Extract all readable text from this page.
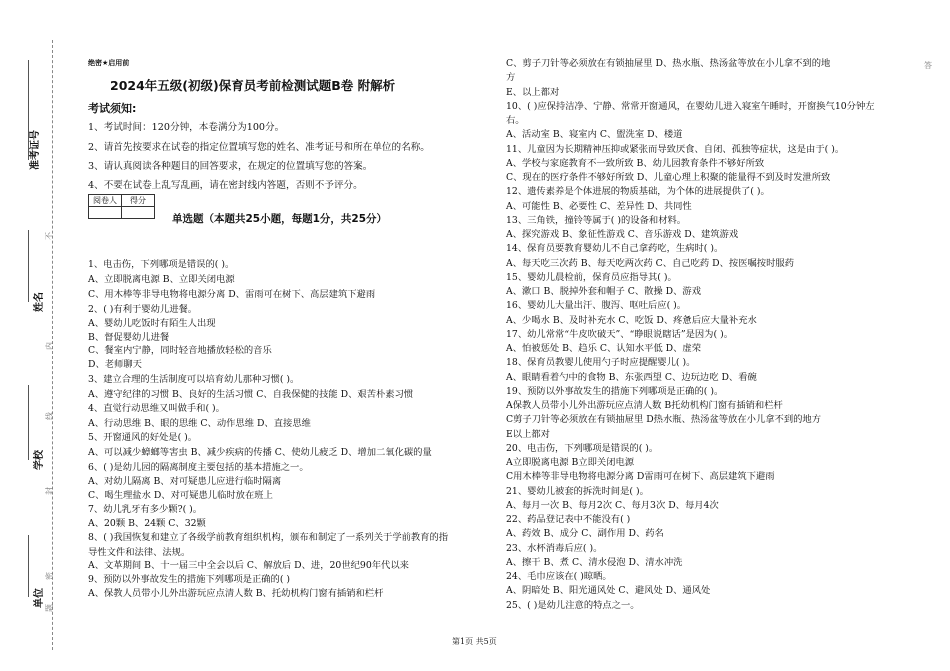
准考证号
姓名
学校
单位
不
内
线
封
密
题
答
绝密★启用前
2024年五级(初级)保育员考前检测试题B卷 附解析
考试须知:
1、考试时间：120分钟，本卷满分为100分。
2、请首先按要求在试卷的指定位置填写您的姓名、准考证号和所在单位的名称。
3、请认真阅读各种题目的回答要求，在规定的位置填写您的答案。
4、不要在试卷上乱写乱画，请在密封线内答题，否则不予评分。
阅卷人	得分

单选题（本题共25小题，每题1分，共25分）
1、电击伤，下列哪项是错误的( )。
A、立即脱离电源 B、立即关闭电源
C、用木棒等非导电物将电源分离 D、雷雨可在树下、高层建筑下避雨
2、( )有利于婴幼儿进餐。
A、婴幼儿吃饭时有陌生人出现
B、督促婴幼儿进餐
C、餐室内宁静，同时轻音地播放轻松的音乐
D、老师聊天
3、建立合理的生活制度可以培育幼儿那种习惯( )。
A、遵守纪律的习惯 B、良好的生活习惯 C、自我保健的技能 D、艰苦朴素习惯
4、直觉行动思维又叫做手和( )。
A、行动思维 B、眼的思维 C、动作思维 D、直接思维
5、开窗通风的好处是( )。
A、可以减少蟑螂等害虫 B、减少疾病的传播 C、使幼儿疲乏 D、增加二氧化碳的量
6、( )是幼儿园的隔离制度主要包括的基本措施之一。
A、对幼儿隔离 B、对可疑患儿应进行临时隔离
C、喝生理盐水 D、对可疑患儿临时放在班上
7、幼儿乳牙有多少颗?( )。
A、20颗 B、24颗 C、32颗
8、( )我国恢复和建立了各级学前教育组织机构，颁布和制定了一系列关于学前教育的指
导性文件和法律、法规。
A、文革期间 B、十一届三中全会以后 C、解放后 D、进，20世纪90年代以来
9、预防以外事故发生的措施下列哪项是正确的( )
A、保教人员带小儿外出游玩应点清人数 B、托幼机构门窗有插销和栏杆
C、剪子刀针等必须放在有锁抽屉里 D、热水瓶、热汤盆等放在小儿拿不到的地
方
E、以上都对
10、( )应保持洁净、宁静、常常开窗通风，在婴幼儿进入寝室午睡时，开窗换气10分钟左
右。
A、活动室 B、寝室内 C、盥洗室 D、楼道
11、儿童因为长期精神压抑或紧张而导致厌食、自闭、孤独等症状，这是由于( )。
A、学校与家庭教育不一致所致 B、幼儿园教育条件不够好所致
C、现在的医疗条件不够好所致 D、儿童心理上积聚的能量得不到及时发泄所致
12、遗传素养是个体进展的物质基础，为个体的进展提供了( )。
A、可能性 B、必要性 C、差异性 D、共同性
13、三角铁，撞铃等属于( )的设备和材料。
A、探究游戏 B、象征性游戏 C、音乐游戏 D、建筑游戏
14、保育员要教育婴幼儿不自己拿药吃，生病时( )。
A、每天吃三次药 B、每天吃两次药 C、自己吃药 D、按医嘱按时服药
15、婴幼儿晨检前，保育员应指导其( )。
A、漱口 B、脱掉外套和帽子 C、散操 D、游戏
16、婴幼儿大量出汗、腹泻、呕吐后应( )。
A、少喝水 B、及时补充水 C、吃饭 D、疼惫后应大量补充水
17、幼儿常常“牛皮吹破天”、“睁眼说瞎话”是因为( )。
A、怕被惩处 B、趋乐 C、认知水平低 D、虚荣
18、保育员教婴儿使用勺子时应提醒婴儿( )。
A、眼睛看着勺中的食物 B、东张西望 C、边玩边吃 D、看碗
19、预防以外事故发生的措施下列哪项是正确的( )。
A保教人员带小儿外出游玩应点清人数 B托幼机构门窗有插销和栏杆
C剪子刀针等必须放在有锁抽屉里 D热水瓶、热汤盆等放在小儿拿不到的地方
E以上都对
20、电击伤，下列哪项是错误的( )。
A立即脱离电源 B立即关闭电源
C用木棒等非导电物将电源分离 D雷雨可在树下、高层建筑下避雨
21、婴幼儿被套的拆洗时间是( )。
A、每月一次 B、每月2次 C、每月3次 D、每月4次
22、药品登记表中不能没有( )
A、药效 B、成分 C、副作用 D、药名
23、水杯消毒后应( )。
A、擦干 B、煮 C、清水侵泡 D、清水冲洗
24、毛巾应该在( )晾晒。
A、阴暗处 B、阳光通风处 C、避风处 D、通风处
25、( )是幼儿注意的特点之一。
第1页 共5页
